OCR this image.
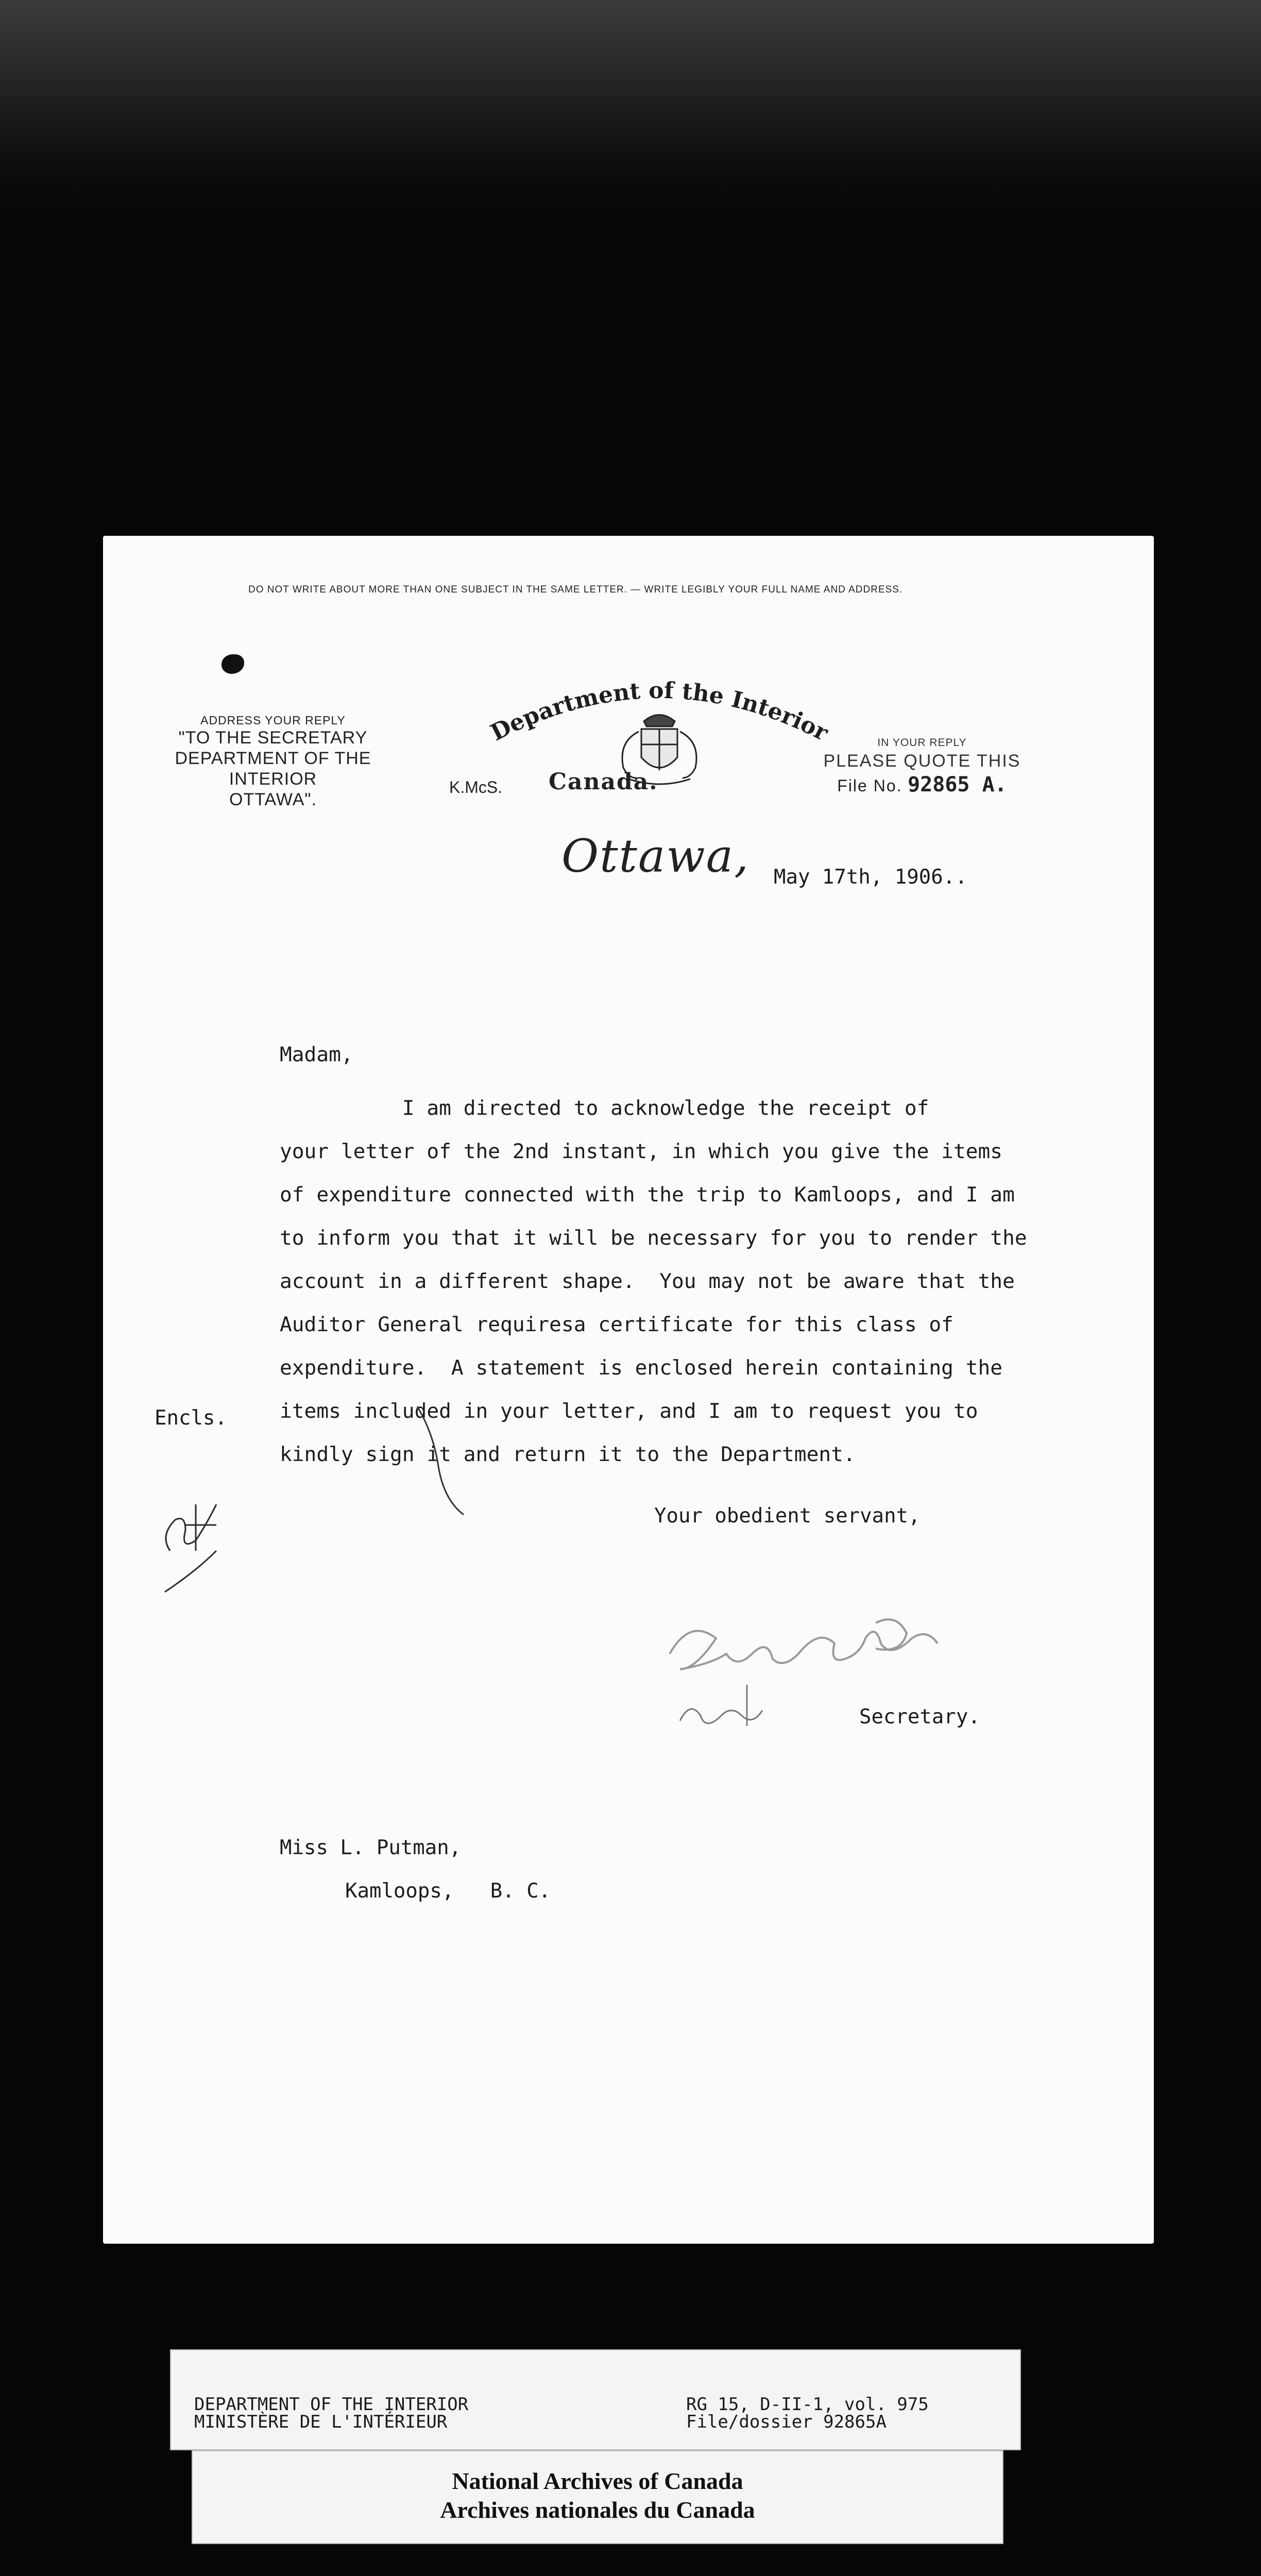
DO NOT WRITE ABOUT MORE THAN ONE SUBJECT IN THE SAME LETTER. — WRITE LEGIBLY YOUR FULL NAME AND ADDRESS.
ADDRESS YOUR REPLY
"TO THE SECRETARY
DEPARTMENT OF THE INTERIOR
OTTAWA".
Department of the Interior
K.McS. Canada.
IN YOUR REPLY
PLEASE QUOTE THIS
File No. 92865 A.
Ottawa, May 17th, 1906..
Madam,
I am directed to acknowledge the receipt of
your letter of the 2nd instant, in which you give the items
of expenditure connected with the trip to Kamloops, and I am
to inform you that it will be necessary for you to render the
account in a different shape.  You may not be aware that the
Auditor General requiresa certificate for this class of
expenditure.  A statement is enclosed herein containing the
items included in your letter, and I am to request you to
kindly sign it and return it to the Department.
Encls.
Your obedient servant,
Secretary.
Miss L. Putman,
Kamloops,   B. C.
DEPARTMENT OF THE INTERIOR
MINISTÈRE DE L'INTÉRIEUR
RG 15, D-II-1, vol. 975
File/dossier 92865A
National Archives of Canada
Archives nationales du Canada
